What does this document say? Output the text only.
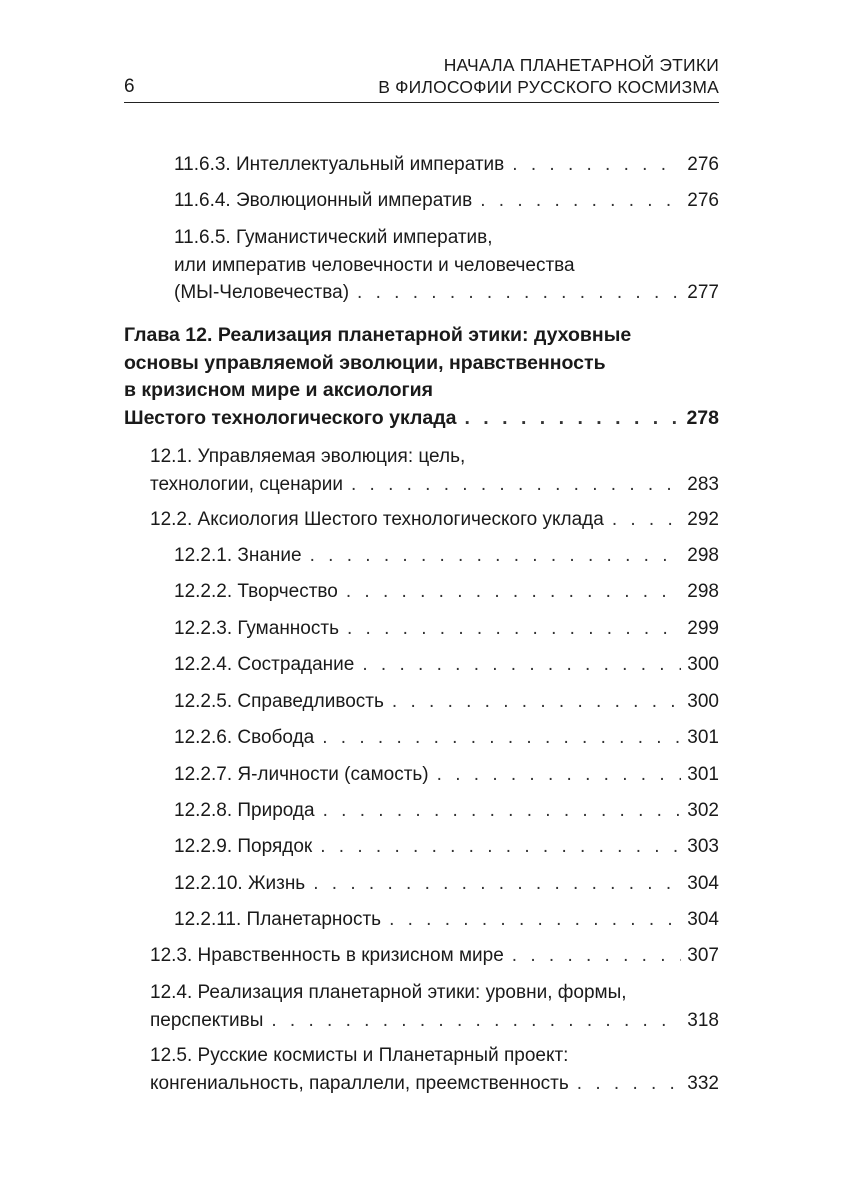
6
НАЧАЛА ПЛАНЕТАРНОЙ ЭТИКИ
В ФИЛОСОФИИ РУССКОГО КОСМИЗМА
11.6.3. Интеллектуальный императив . . .	276
11.6.4. Эволюционный императив . . .	276
11.6.5. Гуманистический императив,
или императив человечности и человечества
(МЫ-Человечества) . . .	277
Глава 12. Реализация планетарной этики: духовные
основы управляемой эволюции, нравственность
в кризисном мире и аксиология
Шестого технологического уклада . . .	278
12.1. Управляемая эволюция: цель,
технологии, сценарии . . .	283
12.2. Аксиология Шестого технологического уклада . . .	292
12.2.1. Знание . . .	298
12.2.2. Творчество . . .	298
12.2.3. Гуманность . . .	299
12.2.4. Сострадание . . .	300
12.2.5. Справедливость . . .	300
12.2.6. Свобода . . .	301
12.2.7. Я-личности (самость) . . .	301
12.2.8. Природа . . .	302
12.2.9. Порядок . . .	303
12.2.10. Жизнь . . .	304
12.2.11. Планетарность . . .	304
12.3. Нравственность в кризисном мире . . .	307
12.4. Реализация планетарной этики: уровни, формы,
перспективы . . .	318
12.5. Русские космисты и Планетарный проект:
конгениальность, параллели, преемственность . . .	332
